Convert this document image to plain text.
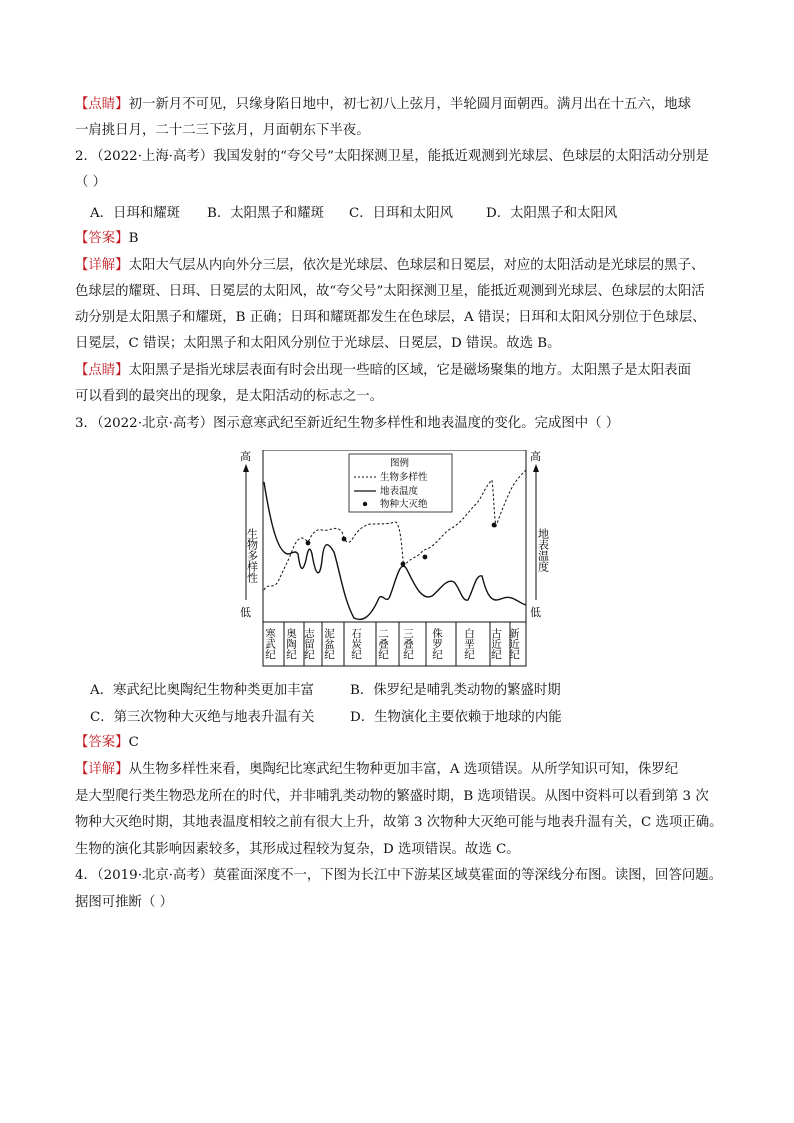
【点睛】初一新月不可见，只缘身陷日地中，初七初八上弦月，半轮圆月面朝西。满月出在十五六，地球
一肩挑日月，二十二三下弦月，月面朝东下半夜。
2．（2022·上海·高考）我国发射的“夸父号”太阳探测卫星，能抵近观测到光球层、色球层的太阳活动分别是
（ ）
A．日珥和耀斑 B．太阳黑子和耀斑 C．日珥和太阳风 D．太阳黑子和太阳风
【答案】B
【详解】太阳大气层从内向外分三层，依次是光球层、色球层和日冕层，对应的太阳活动是光球层的黑子、
色球层的耀斑、日珥、日冕层的太阳风，故“夸父号”太阳探测卫星，能抵近观测到光球层、色球层的太阳活
动分别是太阳黑子和耀斑，B 正确；日珥和耀斑都发生在色球层，A 错误；日珥和太阳风分别位于色球层、
日冕层，C 错误；太阳黑子和太阳风分别位于光球层、日冕层，D 错误。故选 B。
【点睛】太阳黑子是指光球层表面有时会出现一些暗的区域，它是磁场聚集的地方。太阳黑子是太阳表面
可以看到的最突出的现象，是太阳活动的标志之一。
3．（2022·北京·高考）图示意寒武纪至新近纪生物多样性和地表温度的变化。完成图中（ ）
高
低
高
低
生物多样性	地表温度
图例
生物多样性
地表温度
物种大灭绝
寒武纪 奥陶纪 志留纪 泥盆纪 石炭纪 二叠纪 三叠纪 侏罗纪 白垩纪 古近纪 新近纪
A．寒武纪比奥陶纪生物种类更加丰富	B．侏罗纪是哺乳类动物的繁盛时期
C．第三次物种大灭绝与地表升温有关	D．生物演化主要依赖于地球的内能
【答案】C
【详解】从生物多样性来看，奥陶纪比寒武纪生物种更加丰富，A 选项错误。从所学知识可知，侏罗纪
是大型爬行类生物恐龙所在的时代，并非哺乳类动物的繁盛时期，B 选项错误。从图中资料可以看到第 3 次
物种大灭绝时期，其地表温度相较之前有很大上升，故第 3 次物种大灭绝可能与地表升温有关，C 选项正确。
生物的演化其影响因素较多，其形成过程较为复杂，D 选项错误。故选 C。
4．（2019·北京·高考）莫霍面深度不一，下图为长江中下游某区域莫霍面的等深线分布图。读图，回答问题。
据图可推断（ ）
